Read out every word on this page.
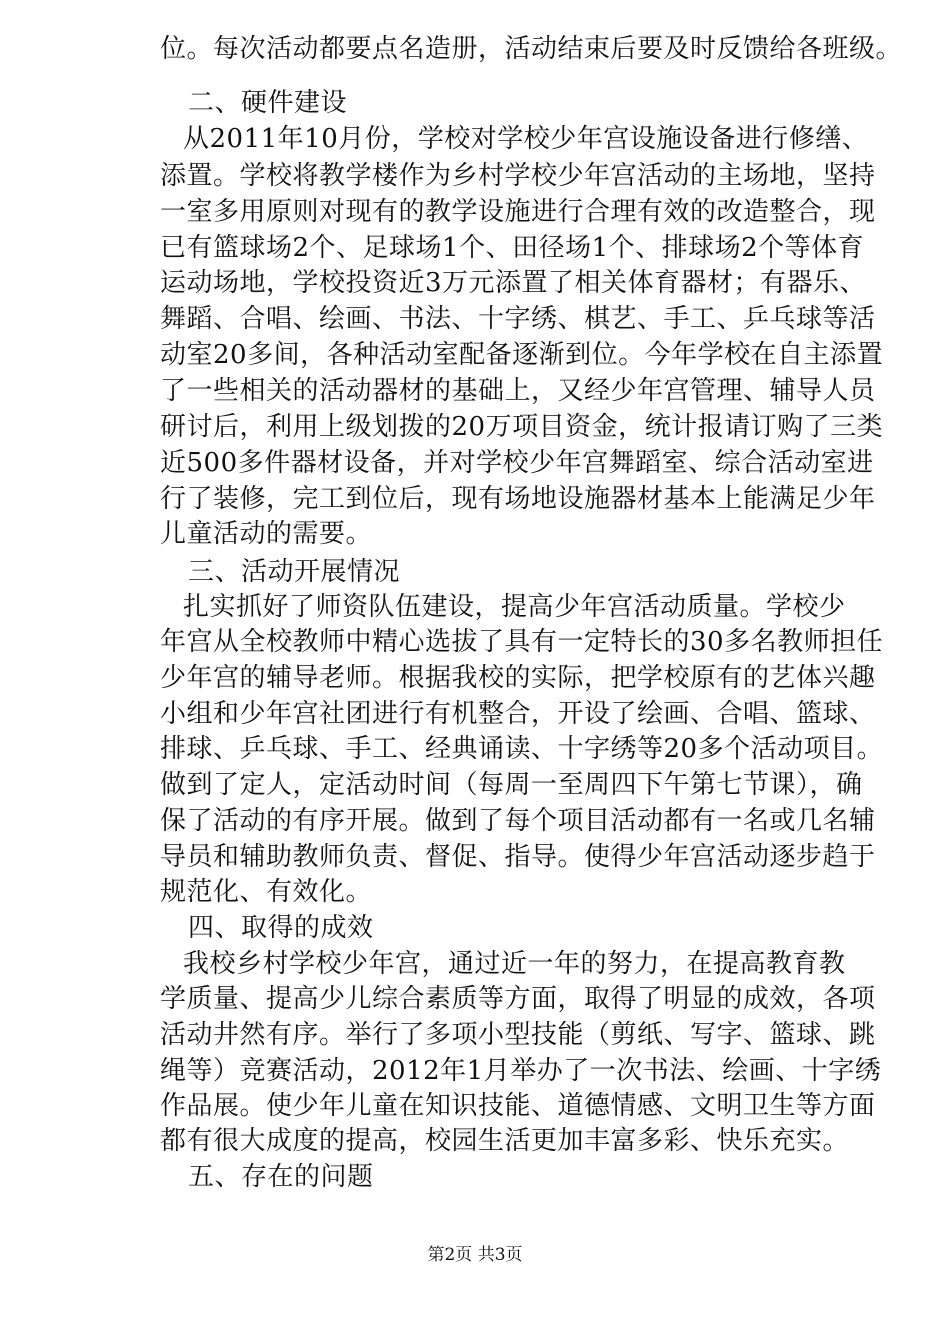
位。每次活动都要点名造册，活动结束后要及时反馈给各班级。
二、硬件建设
从2011年10月份，学校对学校少年宫设施设备进行修缮、
添置。学校将教学楼作为乡村学校少年宫活动的主场地，坚持
一室多用原则对现有的教学设施进行合理有效的改造整合，现
已有篮球场2个、足球场1个、田径场1个、排球场2个等体育
运动场地，学校投资近3万元添置了相关体育器材；有器乐、
舞蹈、合唱、绘画、书法、十字绣、棋艺、手工、乒乓球等活
动室20多间，各种活动室配备逐渐到位。今年学校在自主添置
了一些相关的活动器材的基础上，又经少年宫管理、辅导人员
研讨后，利用上级划拨的20万项目资金，统计报请订购了三类
近500多件器材设备，并对学校少年宫舞蹈室、综合活动室进
行了装修，完工到位后，现有场地设施器材基本上能满足少年
儿童活动的需要。
三、活动开展情况
扎实抓好了师资队伍建设，提高少年宫活动质量。学校少
年宫从全校教师中精心选拔了具有一定特长的30多名教师担任
少年宫的辅导老师。根据我校的实际，把学校原有的艺体兴趣
小组和少年宫社团进行有机整合，开设了绘画、合唱、篮球、
排球、乒乓球、手工、经典诵读、十字绣等20多个活动项目。
做到了定人，定活动时间（每周一至周四下午第七节课），确
保了活动的有序开展。做到了每个项目活动都有一名或几名辅
导员和辅助教师负责、督促、指导。使得少年宫活动逐步趋于
规范化、有效化。
四、取得的成效
我校乡村学校少年宫，通过近一年的努力，在提高教育教
学质量、提高少儿综合素质等方面，取得了明显的成效，各项
活动井然有序。举行了多项小型技能（剪纸、写字、篮球、跳
绳等）竞赛活动，2012年1月举办了一次书法、绘画、十字绣
作品展。使少年儿童在知识技能、道德情感、文明卫生等方面
都有很大成度的提高，校园生活更加丰富多彩、快乐充实。
五、存在的问题
第2页 共3页
